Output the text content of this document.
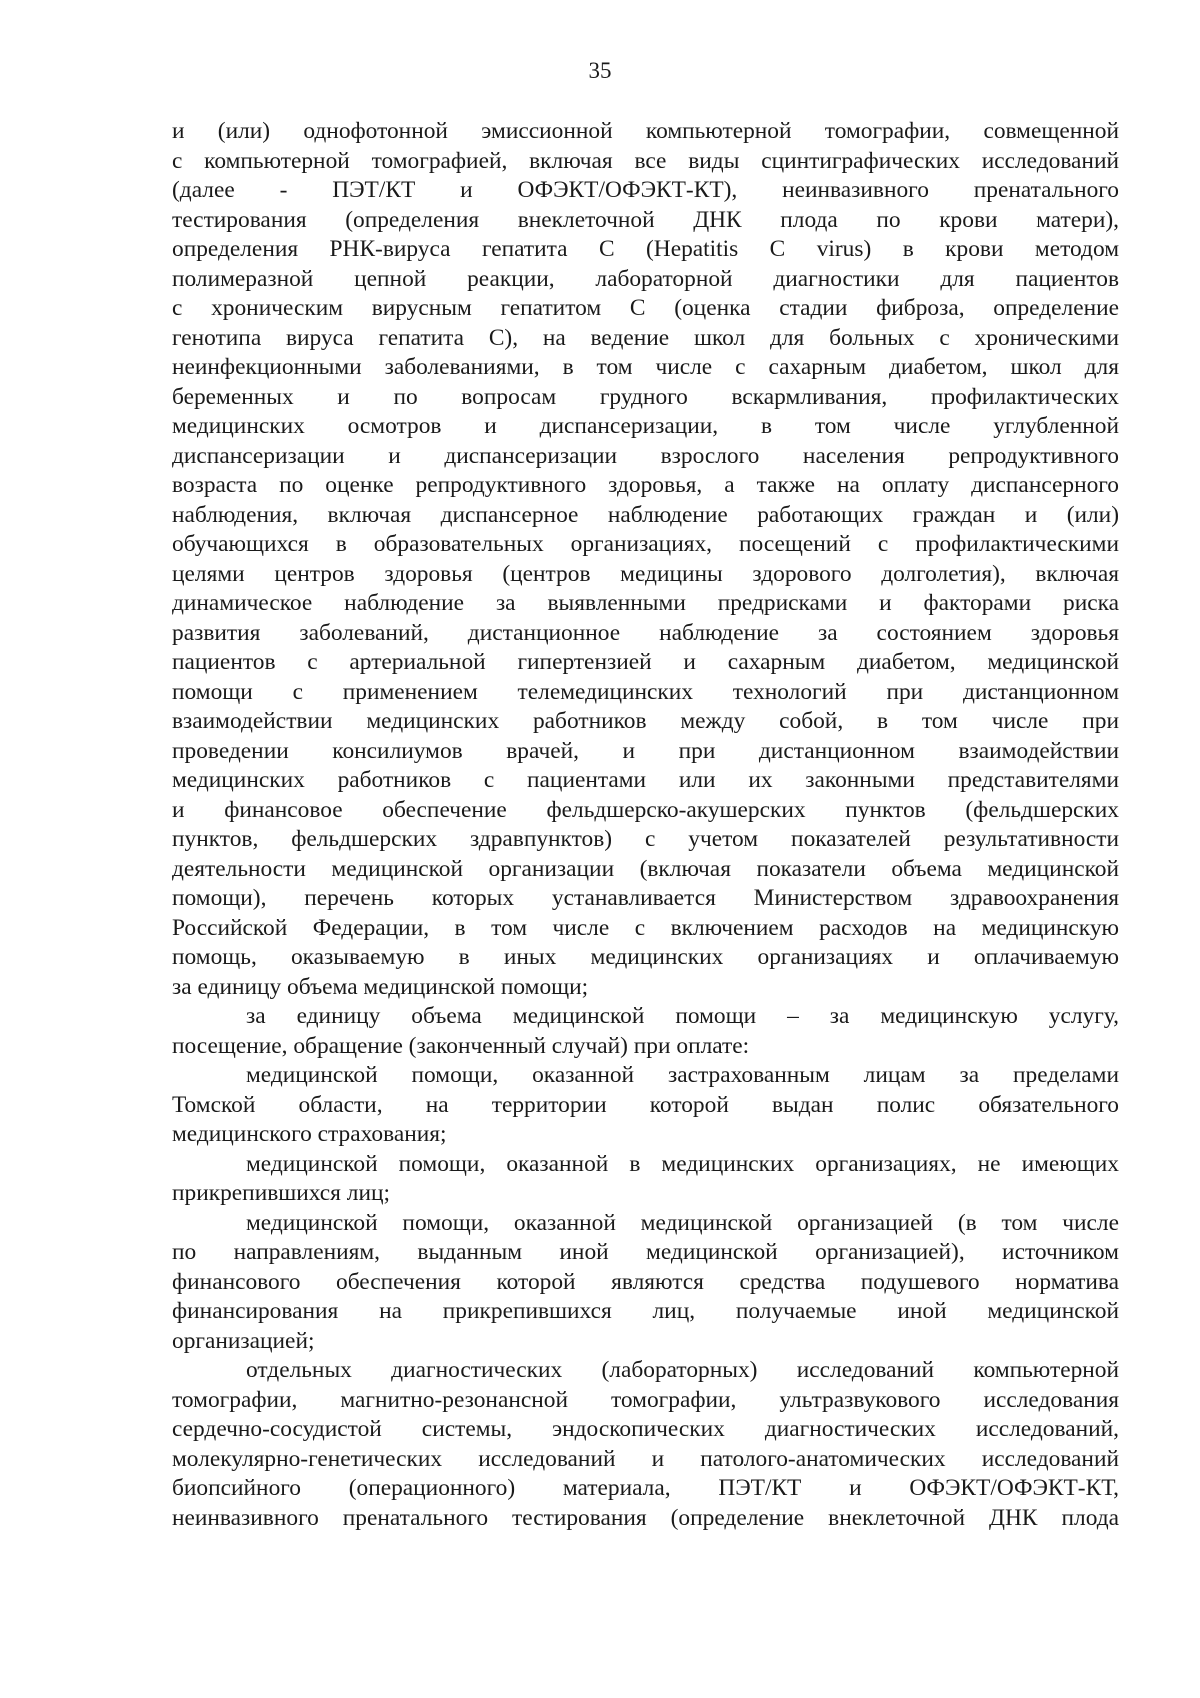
35
и (или) однофотонной эмиссионной компьютерной томографии, совмещенной
с компьютерной томографией, включая все виды сцинтиграфических исследований
(далее - ПЭТ/КТ и ОФЭКТ/ОФЭКТ-КТ), неинвазивного пренатального
тестирования (определения внеклеточной ДНК плода по крови матери),
определения РНК-вируса гепатита С (Hepatitis С virus) в крови методом
полимеразной цепной реакции, лабораторной диагностики для пациентов
с хроническим вирусным гепатитом С (оценка стадии фиброза, определение
генотипа вируса гепатита С), на ведение школ для больных с хроническими
неинфекционными заболеваниями, в том числе с сахарным диабетом, школ для
беременных и по вопросам грудного вскармливания, профилактических
медицинских осмотров и диспансеризации, в том числе углубленной
диспансеризации и диспансеризации взрослого населения репродуктивного
возраста по оценке репродуктивного здоровья, а также на оплату диспансерного
наблюдения, включая диспансерное наблюдение работающих граждан и (или)
обучающихся в образовательных организациях, посещений с профилактическими
целями центров здоровья (центров медицины здорового долголетия), включая
динамическое наблюдение за выявленными предрисками и факторами риска
развития заболеваний, дистанционное наблюдение за состоянием здоровья
пациентов с артериальной гипертензией и сахарным диабетом, медицинской
помощи с применением телемедицинских технологий при дистанционном
взаимодействии медицинских работников между собой, в том числе при
проведении консилиумов врачей, и при дистанционном взаимодействии
медицинских работников с пациентами или их законными представителями
и финансовое обеспечение фельдшерско-акушерских пунктов (фельдшерских
пунктов, фельдшерских здравпунктов) с учетом показателей результативности
деятельности медицинской организации (включая показатели объема медицинской
помощи), перечень которых устанавливается Министерством здравоохранения
Российской Федерации, в том числе с включением расходов на медицинскую
помощь, оказываемую в иных медицинских организациях и оплачиваемую
за единицу объема медицинской помощи;
за единицу объема медицинской помощи – за медицинскую услугу,
посещение, обращение (законченный случай) при оплате:
медицинской помощи, оказанной застрахованным лицам за пределами
Томской области, на территории которой выдан полис обязательного
медицинского страхования;
медицинской помощи, оказанной в медицинских организациях, не имеющих
прикрепившихся лиц;
медицинской помощи, оказанной медицинской организацией (в том числе
по направлениям, выданным иной медицинской организацией), источником
финансового обеспечения которой являются средства подушевого норматива
финансирования на прикрепившихся лиц, получаемые иной медицинской
организацией;
отдельных диагностических (лабораторных) исследований компьютерной
томографии, магнитно-резонансной томографии, ультразвукового исследования
сердечно-сосудистой системы, эндоскопических диагностических исследований,
молекулярно-генетических исследований и патолого-анатомических исследований
биопсийного (операционного) материала, ПЭТ/КТ и ОФЭКТ/ОФЭКТ-КТ,
неинвазивного пренатального тестирования (определение внеклеточной ДНК плода
